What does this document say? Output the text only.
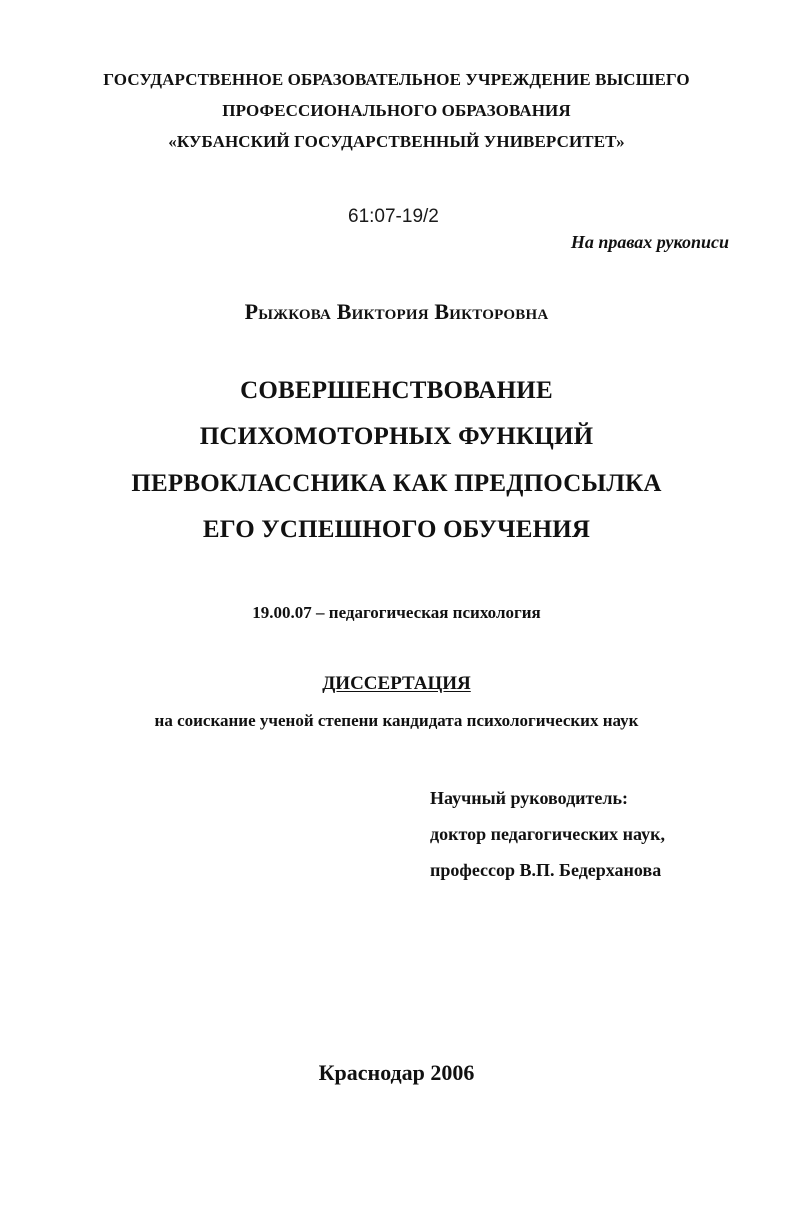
ГОСУДАРСТВЕННОЕ ОБРАЗОВАТЕЛЬНОЕ УЧРЕЖДЕНИЕ ВЫСШЕГО
ПРОФЕССИОНАЛЬНОГО ОБРАЗОВАНИЯ
«КУБАНСКИЙ ГОСУДАРСТВЕННЫЙ УНИВЕРСИТЕТ»
61:07-19/2
На правах рукописи
Рыжкова Виктория Викторовна
СОВЕРШЕНСТВОВАНИЕ
ПСИХОМОТОРНЫХ ФУНКЦИЙ
ПЕРВОКЛАССНИКА КАК ПРЕДПОСЫЛКА
ЕГО УСПЕШНОГО ОБУЧЕНИЯ
19.00.07 – педагогическая психология
ДИССЕРТАЦИЯ
на соискание ученой степени кандидата психологических наук
Научный руководитель:
доктор педагогических наук,
профессор В.П. Бедерханова
Краснодар 2006
